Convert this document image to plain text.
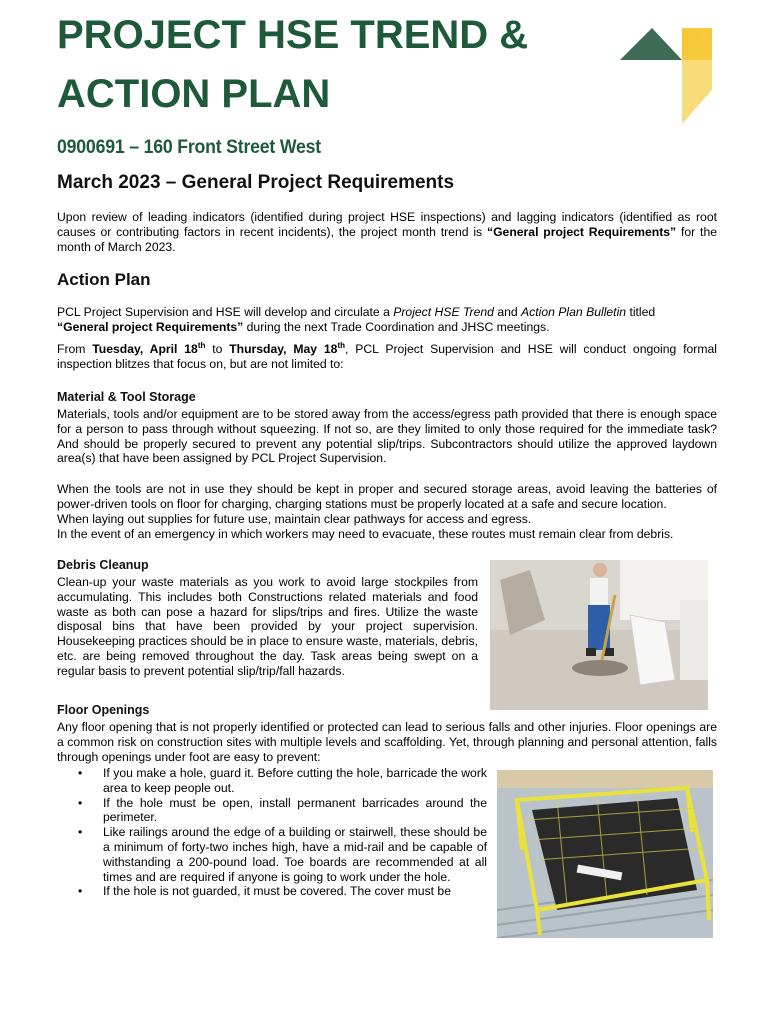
PROJECT HSE TREND &
ACTION PLAN
0900691 – 160 Front Street West
March 2023 – General Project Requirements

Upon review of leading indicators (identified during project HSE inspections) and lagging indicators (identified as root causes or contributing factors in recent incidents), the project month trend is “General project Requirements” for the month of March 2023.

Action Plan

PCL Project Supervision and HSE will develop and circulate a Project HSE Trend and Action Plan Bulletin titled
“General project Requirements” during the next Trade Coordination and JHSC meetings.

From Tuesday, April 18th to Thursday, May 18th, PCL Project Supervision and HSE will conduct ongoing formal inspection blitzes that focus on, but are not limited to:

Material & Tool Storage

Materials, tools and/or equipment are to be stored away from the access/egress path provided that there is enough space for a person to pass through without squeezing. If not so, are they limited to only those required for the immediate task? And should be properly secured to prevent any potential slip/trips. Subcontractors should utilize the approved laydown area(s) that have been assigned by PCL Project Supervision.

When the tools are not in use they should be kept in proper and secured storage areas, avoid leaving the batteries of power-driven tools on floor for charging, charging stations must be properly located at a safe and secure location.

When laying out supplies for future use, maintain clear pathways for access and egress.

In the event of an emergency in which workers may need to evacuate, these routes must remain clear from debris.

Debris Cleanup

Clean-up your waste materials as you work to avoid large stockpiles from accumulating. This includes both Constructions related materials and food waste as both can pose a hazard for slips/trips and fires. Utilize the waste disposal bins that have been provided by your project supervision. Housekeeping practices should be in place to ensure waste, materials, debris, etc. are being removed throughout the day. Task areas being swept on a regular basis to prevent potential slip/trip/fall hazards.

Floor Openings

Any floor opening that is not properly identified or protected can lead to serious falls and other injuries. Floor openings are a common risk on construction sites with multiple levels and scaffolding. Yet, through planning and personal attention, falls through openings under foot are easy to prevent:

• If you make a hole, guard it. Before cutting the hole, barricade the work area to keep people out.
• If the hole must be open, install permanent barricades around the perimeter.
• Like railings around the edge of a building or stairwell, these should be a minimum of forty-two inches high, have a mid-rail and be capable of withstanding a 200-pound load. Toe boards are recommended at all times and are required if anyone is going to work under the hole.
• If the hole is not guarded, it must be covered. The cover must be
